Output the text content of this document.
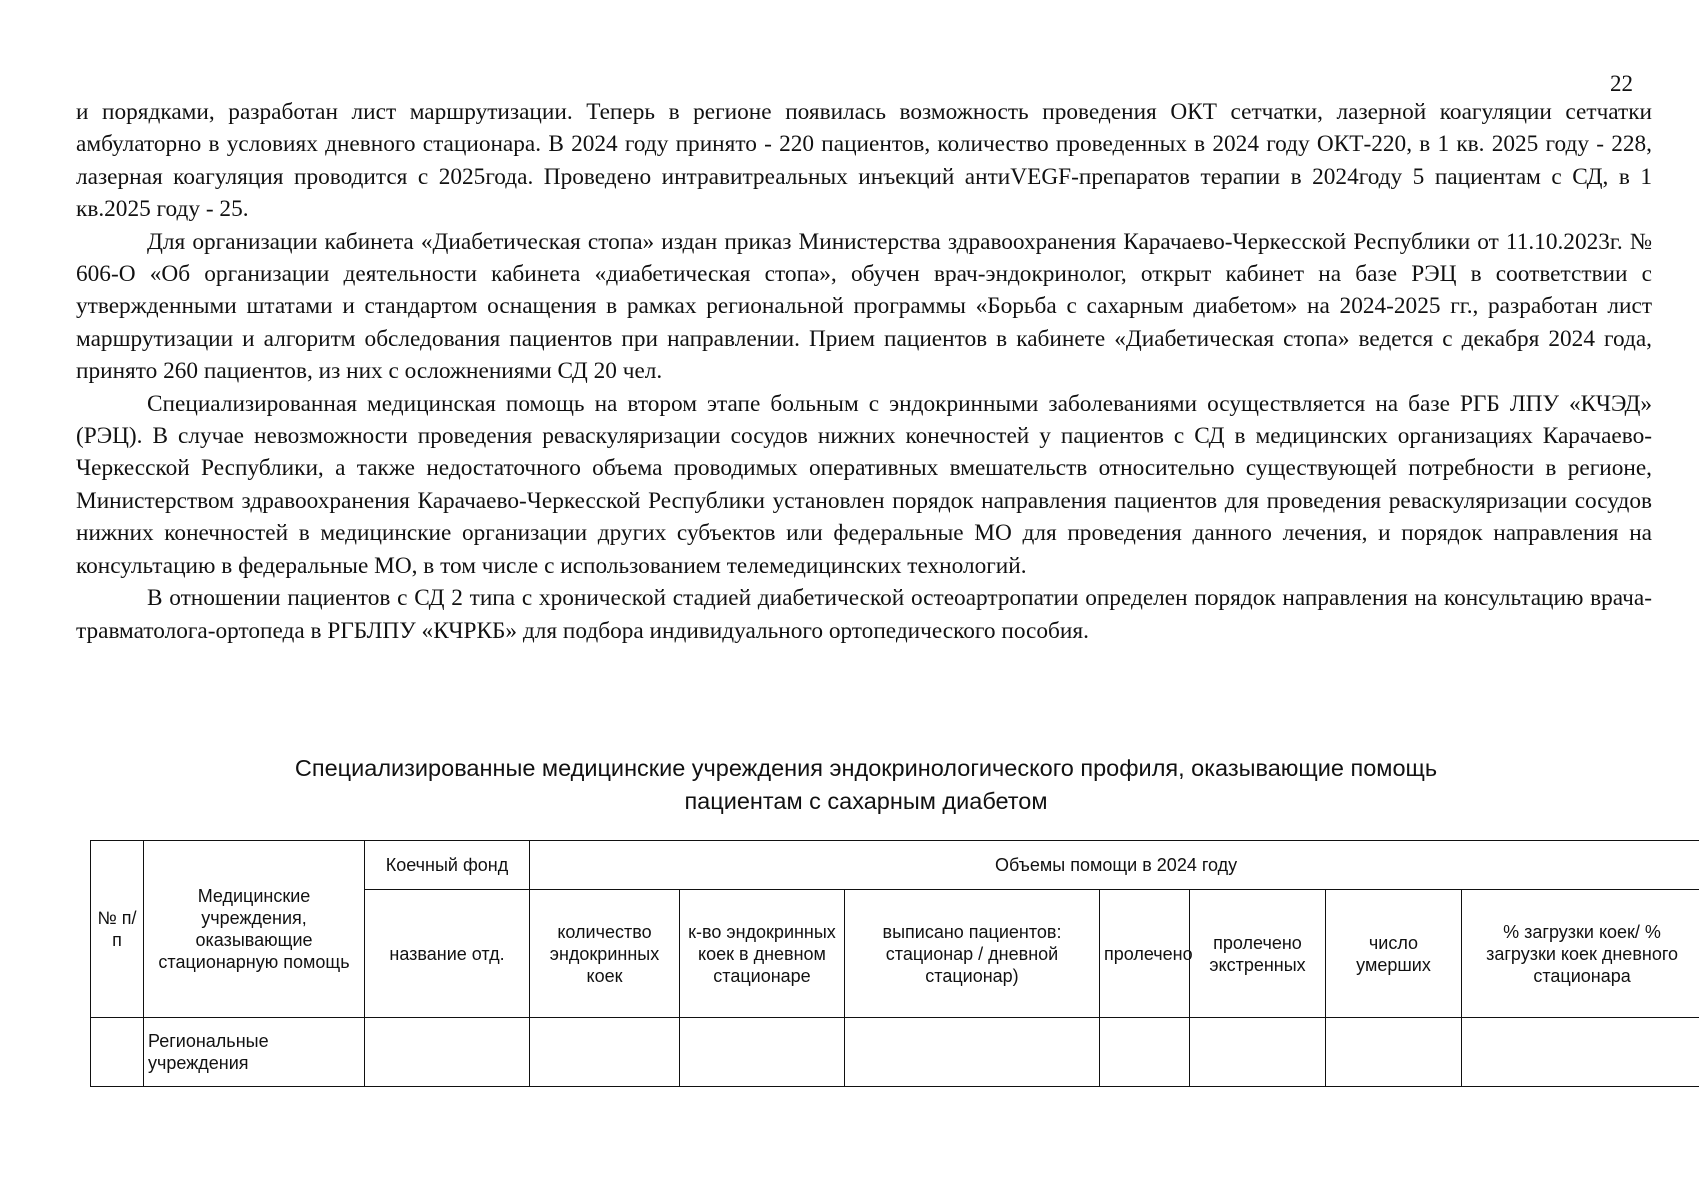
22

и порядками, разработан лист маршрутизации. Теперь в регионе появилась возможность проведения ОКТ сетчатки, лазерной коагуляции сетчатки амбулаторно в условиях дневного стационара. В 2024 году принято - 220 пациентов, количество проведенных в 2024 году ОКТ-220, в 1 кв. 2025 году - 228, лазерная коагуляция проводится с 2025года. Проведено интравитреальных инъекций антиVEGF-препаратов терапии в 2024году 5 пациентам с СД, в 1 кв.2025 году - 25.

Для организации кабинета «Диабетическая стопа» издан приказ Министерства здравоохранения Карачаево-Черкесской Республики от 11.10.2023г. № 606-О «Об организации деятельности кабинета «диабетическая стопа», обучен врач-эндокринолог, открыт кабинет на базе РЭЦ в соответствии с утвержденными штатами и стандартом оснащения в рамках региональной программы «Борьба с сахарным диабетом» на 2024-2025 гг., разработан лист маршрутизации и алгоритм обследования пациентов при направлении. Прием пациентов в кабинете «Диабетическая стопа» ведется с декабря 2024 года, принято 260 пациентов, из них с осложнениями СД 20 чел.

Специализированная медицинская помощь на втором этапе больным с эндокринными заболеваниями осуществляется на базе РГБ ЛПУ «КЧЭД» (РЭЦ). В случае невозможности проведения реваскуляризации сосудов нижних конечностей у пациентов с СД в медицинских организациях Карачаево-Черкесской Республики, а также недостаточного объема проводимых оперативных вмешательств относительно существующей потребности в регионе, Министерством здравоохранения Карачаево-Черкесской Республики установлен порядок направления пациентов для проведения реваскуляризации сосудов нижних конечностей в медицинские организации других субъектов или федеральные МО для проведения данного лечения, и порядок направления на консультацию в федеральные МО, в том числе с использованием телемедицинских технологий.

В отношении пациентов с СД 2 типа с хронической стадией диабетической остеоартропатии определен порядок направления на консультацию врача-травматолога-ортопеда в РГБЛПУ «КЧРКБ» для подбора индивидуального ортопедического пособия.

Специализированные медицинские учреждения эндокринологического профиля, оказывающие помощь
пациентам с сахарным диабетом
№ п/п	Медицинские учреждения, оказывающие стационарную помощь	Коечный фонд	Объемы помощи в 2024 году						
		название отд.	количество эндокринных коек	к-во эндокринных коек в дневном стационаре	выписано пациентов: стационар / дневной стационар)	пролечено	пролечено экстренных	число умерших	% загрузки коек/ % загрузки коек дневного стационара
	Региональные учреждения								
